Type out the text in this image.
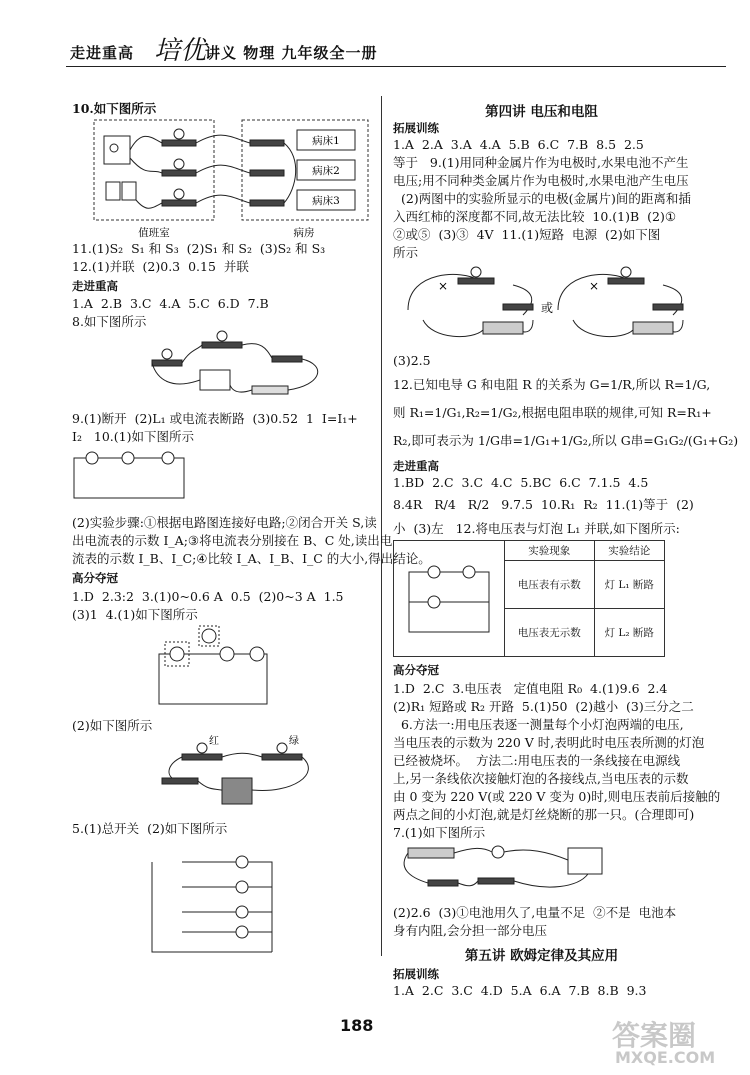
走进重高 培优
讲义 物理 九年级全一册
10.如下图所示
病床1
病床2
病床3
值班室	病房
11.(1)S₂  S₁ 和 S₃  (2)S₁ 和 S₂  (3)S₂ 和 S₃
12.(1)并联  (2)0.3  0.15  并联
走进重高
1.A  2.B  3.C  4.A  5.C  6.D  7.B
8.如下图所示
9.(1)断开  (2)L₁ 或电流表断路  (3)0.52  1  I=I₁+
I₂   10.(1)如下图所示
(2)实验步骤:①根据电路图连接好电路;②闭合开关 S,读
出电流表的示数 I_A;③将电流表分别接在 B、C 处,读出电
流表的示数 I_B、I_C;④比较 I_A、I_B、I_C 的大小,得出结论。
高分夺冠
1.D  2.3:2  3.(1)0~0.6 A  0.5  (2)0~3 A  1.5
(3)1  4.(1)如下图所示
(2)如下图所示
红	绿
5.(1)总开关  (2)如下图所示
第四讲 电压和电阻
拓展训练
1.A  2.A  3.A  4.A  5.B  6.C  7.B  8.5  2.5
等于   9.(1)用同种金属片作为电极时,水果电池不产生
电压;用不同种类金属片作为电极时,水果电池产生电压
(2)两图中的实验所显示的电极(金属片)间的距离和插
入西红柿的深度都不同,故无法比较  10.(1)B  (2)①
②或⑤  (3)③  4V  11.(1)短路  电源  (2)如下图
所示
×	×
或
(3)2.5
12.已知电导 G 和电阻 R 的关系为 G=1/R,所以 R=1/G,
则 R₁=1/G₁,R₂=1/G₂,根据电阻串联的规律,可知 R=R₁+
R₂,即可表示为 1/G串=1/G₁+1/G₂,所以 G串=G₁G₂/(G₁+G₂)
走进重高
1.BD  2.C  3.C  4.C  5.BC  6.C  7.1.5  4.5
8.4R   R/4   R/2   9.7.5  10.R₁  R₂  11.(1)等于  (2)
小  (3)左   12.将电压表与灯泡 L₁ 并联,如下图所示:
	实验现象	实验结论
	电压表有示数	灯 L₁ 断路
	电压表无示数	灯 L₂ 断路
高分夺冠
1.D  2.C  3.电压表   定值电阻 R₀  4.(1)9.6  2.4
(2)R₁ 短路或 R₂ 开路  5.(1)50  (2)越小  (3)三分之二
6.方法一:用电压表逐一测量每个小灯泡两端的电压,
当电压表的示数为 220 V 时,表明此时电压表所测的灯泡
已经被烧坏。  方法二:用电压表的一条线接在电源线
上,另一条线依次接触灯泡的各接线点,当电压表的示数
由 0 变为 220 V(或 220 V 变为 0)时,则电压表前后接触的
两点之间的小灯泡,就是灯丝烧断的那一只。(合理即可)
7.(1)如下图所示
(2)2.6  (3)①电池用久了,电量不足  ②不是  电池本
身有内阻,会分担一部分电压
第五讲 欧姆定律及其应用
拓展训练
1.A  2.C  3.C  4.D  5.A  6.A  7.B  8.B  9.3
188	答案圈
MXQE.COM
